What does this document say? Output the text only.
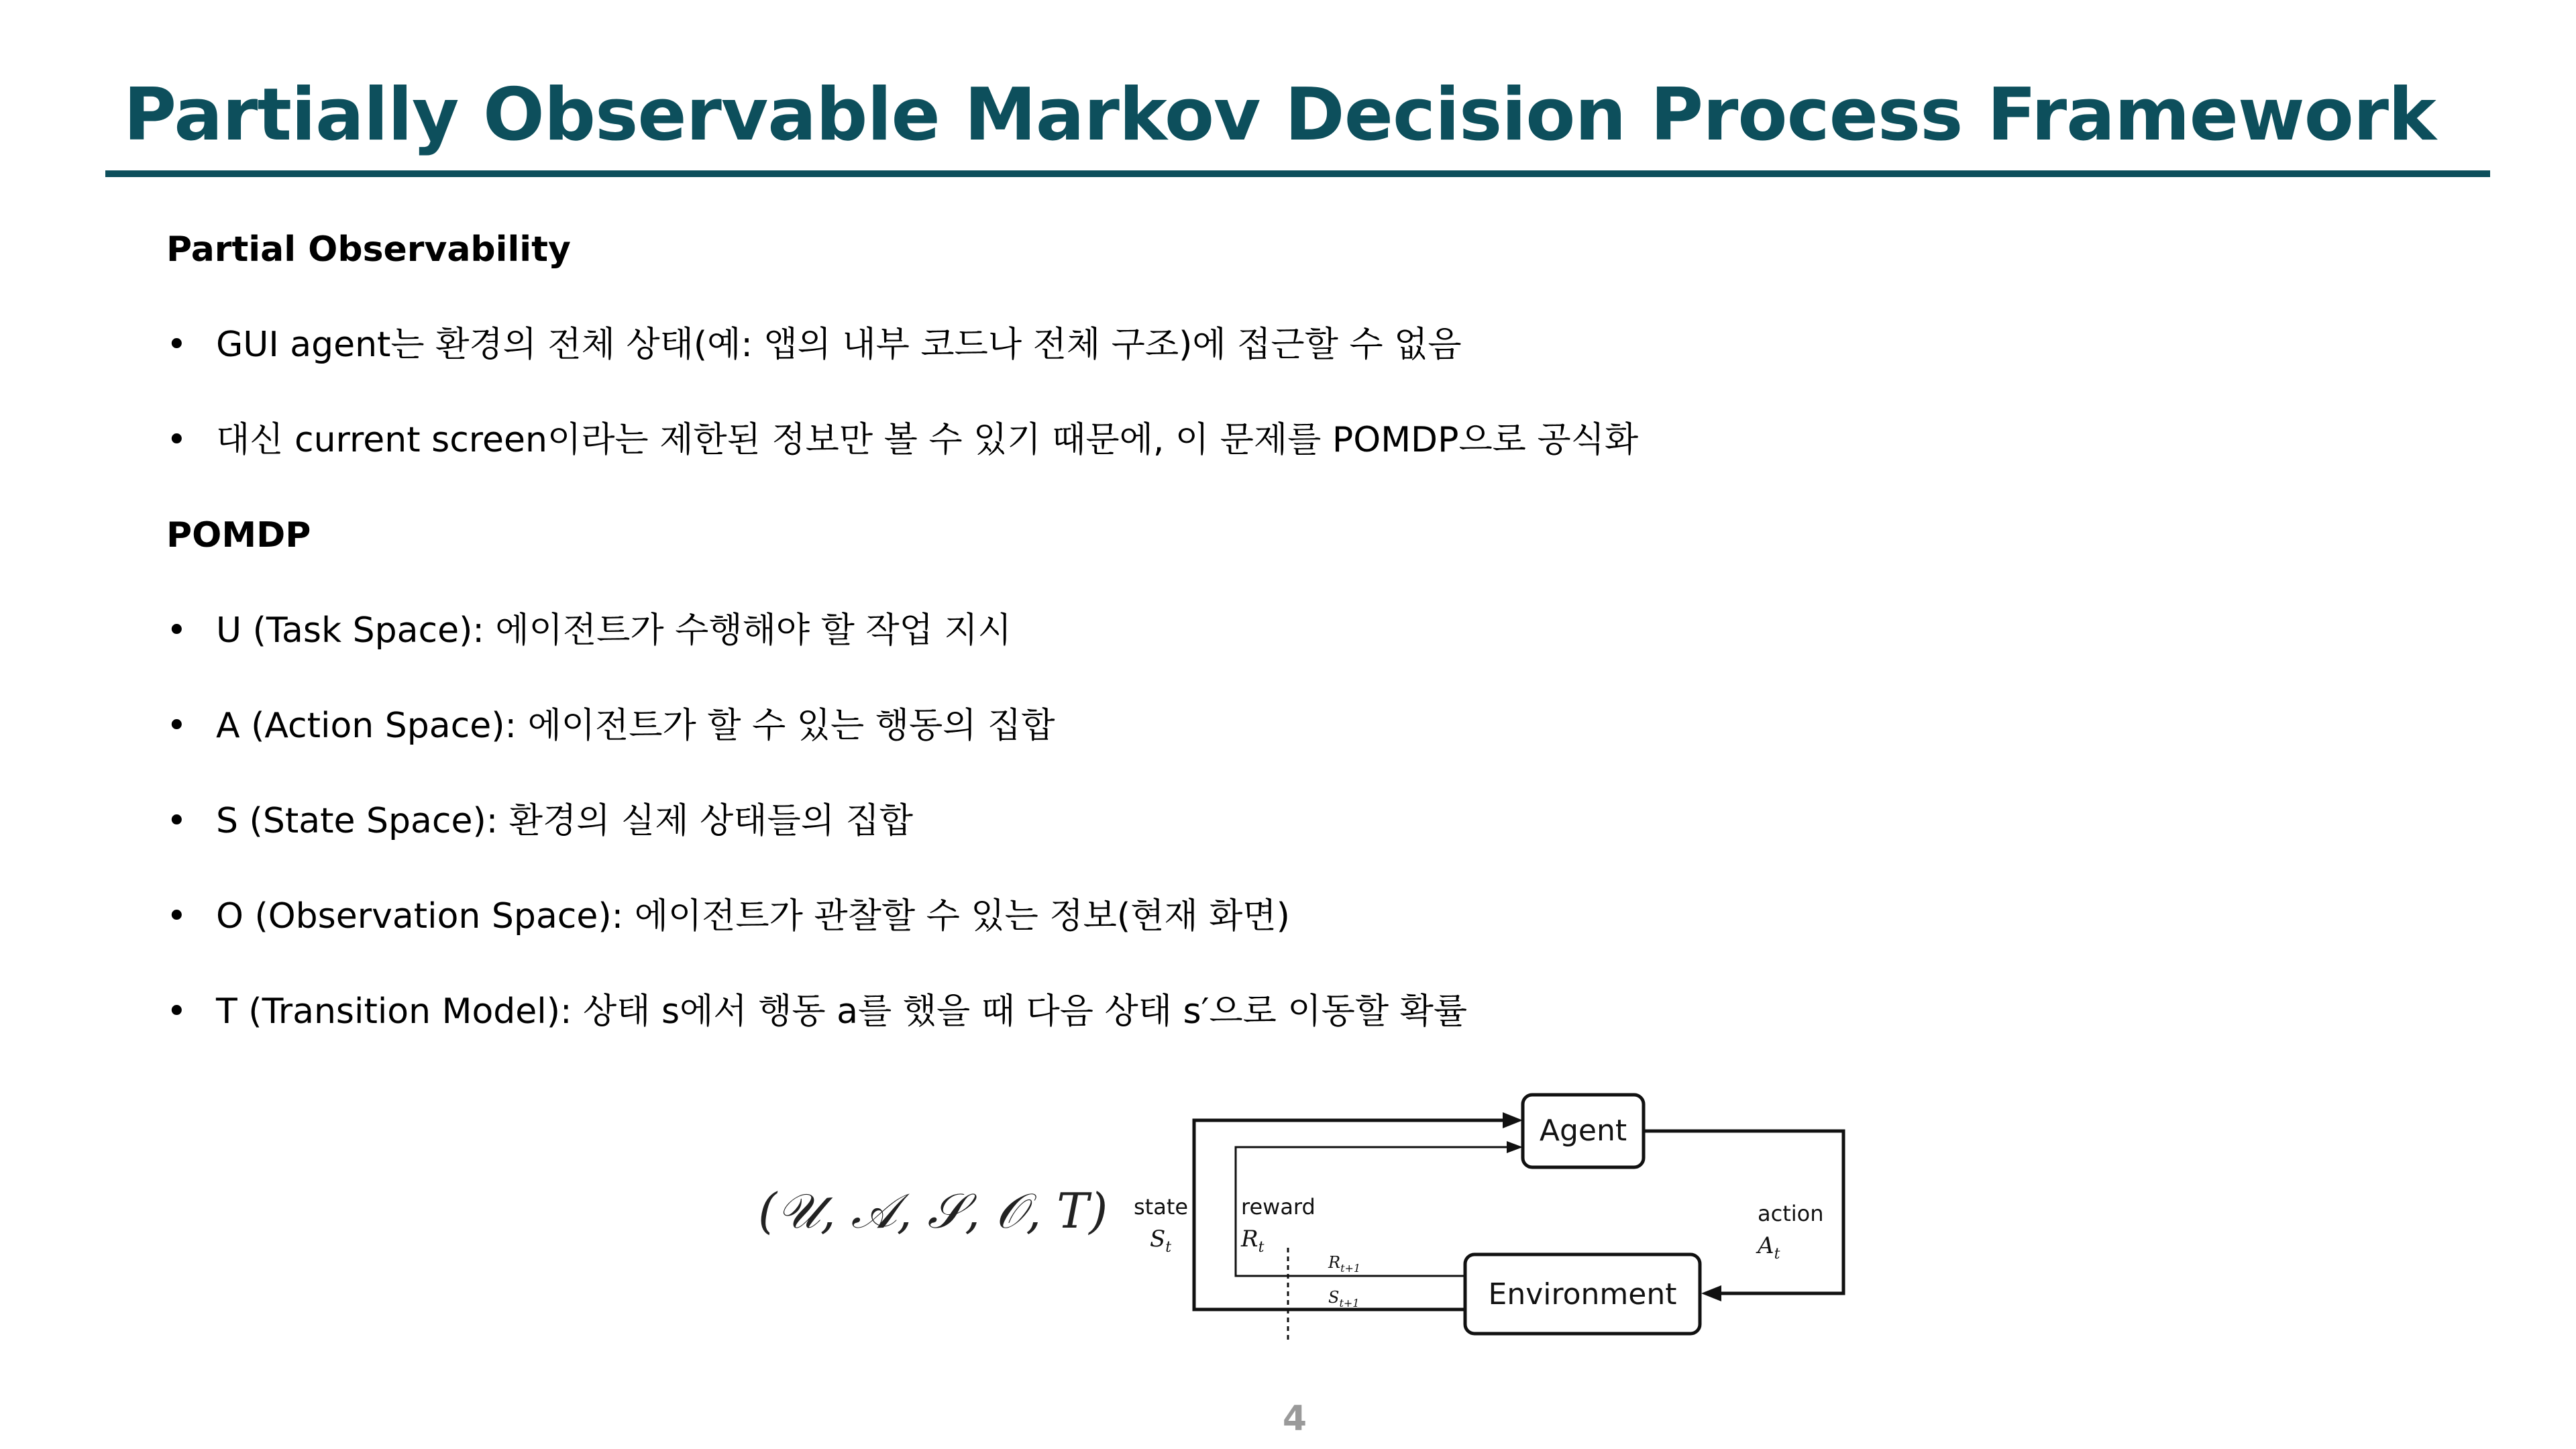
Partially Observable Markov Decision Process Framework
Partial Observability
• GUI agent는 환경의 전체 상태(예: 앱의 내부 코드나 전체 구조)에 접근할 수 없음
• 대신 current screen이라는 제한된 정보만 볼 수 있기 때문에, 이 문제를 POMDP으로 공식화
POMDP
• U (Task Space): 에이전트가 수행해야 할 작업 지시
• A (Action Space): 에이전트가 할 수 있는 행동의 집합
• S (State Space): 환경의 실제 상태들의 집합
• O (Observation Space): 에이전트가 관찰할 수 있는 정보(현재 화면)
• T (Transition Model): 상태 s에서 행동 a를 했을 때 다음 상태 s′으로 이동할 확률
(𝒰, 𝒜, 𝒮, 𝒪, T)
Agent
Environment
state
$S_t$
reward
$R_t$
action
$A_t$
$R_{t+1}$
$S_{t+1}$
4
